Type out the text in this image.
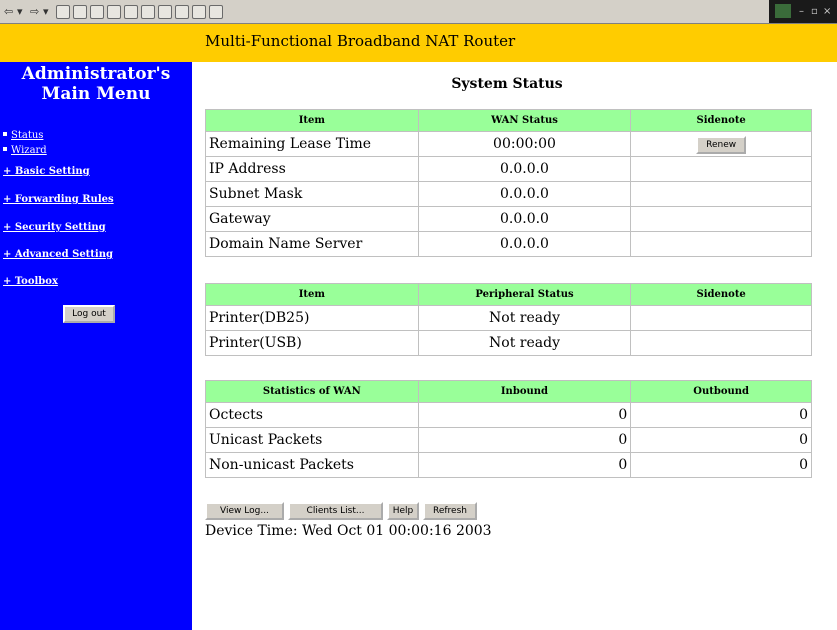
⇦ ▾ ⇨ ▾	– ▫ ×
Multi-Functional Broadband NAT Router
Administrator's
Main Menu
Status
Wizard
+ Basic Setting
+ Forwarding Rules
+ Security Setting
+ Advanced Setting
+ Toolbox
Log out
System Status
Item	WAN Status	Sidenote
Remaining Lease Time	00:00:00	Renew
IP Address	0.0.0.0	
Subnet Mask	0.0.0.0	
Gateway	0.0.0.0	
Domain Name Server	0.0.0.0	
Item	Peripheral Status	Sidenote
Printer(DB25)	Not ready	
Printer(USB)	Not ready	
Statistics of WAN	Inbound	Outbound
Octects	0	0
Unicast Packets	0	0
Non-unicast Packets	0	0
View Log...	Clients List...	Help	Refresh
Device Time: Wed Oct 01 00:00:16 2003
